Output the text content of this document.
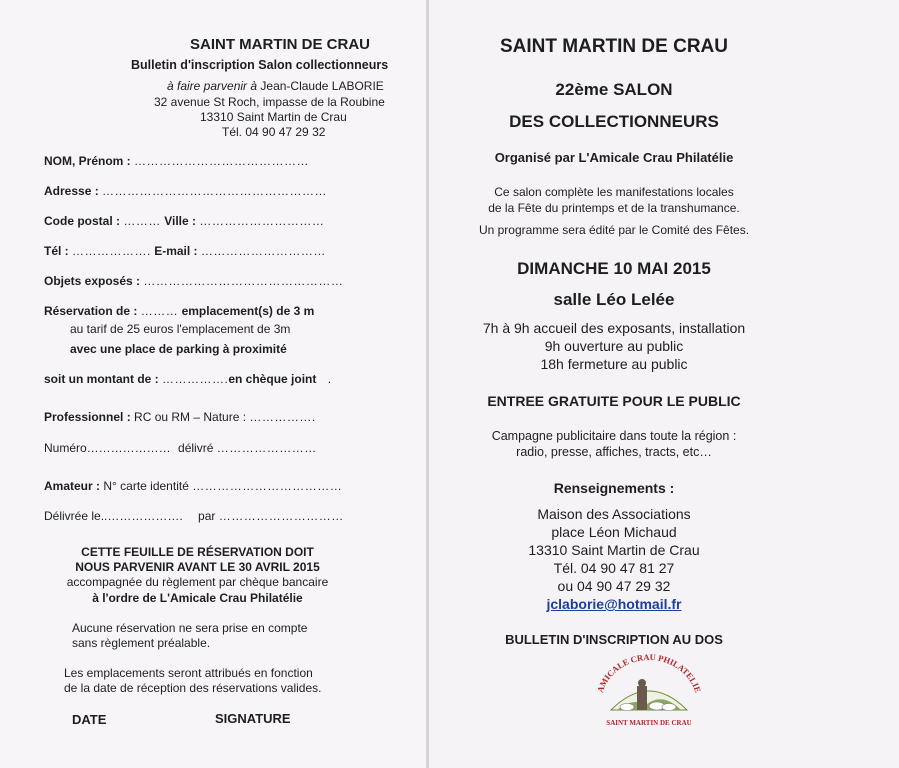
SAINT MARTIN DE CRAU
Bulletin d'inscription Salon collectionneurs
à faire parvenir à Jean-Claude LABORIE
32 avenue St Roch, impasse de la Roubine
13310 Saint Martin de Crau
Tél. 04 90 47 29 32
NOM, Prénom : ……………………………………
Adresse : ………………………………………………
Code postal : ……… Ville : …………………………
Tél : ………………. E-mail : …………………………
Objets exposés : …………………………………………
Réservation de : ……… emplacement(s) de 3 m
au tarif de 25 euros l'emplacement de 3m
avec une place de parking à proximité
soit un montant de : …………….en chèque joint .
Professionnel : RC ou RM – Nature : …………….
Numéro………………… délivré ……………………
Amateur : N° carte identité ………………………………
Délivrée le..………………. par …………………………
CETTE FEUILLE DE RÉSERVATION DOIT
NOUS PARVENIR AVANT LE 30 AVRIL 2015
accompagnée du règlement par chèque bancaire
à l'ordre de L'Amicale Crau Philatélie
Aucune réservation ne sera prise en compte
sans règlement préalable.
Les emplacements seront attribués en fonction
de la date de réception des réservations valides.
DATE	SIGNATURE
SAINT MARTIN DE CRAU
22ème SALON
DES COLLECTIONNEURS
Organisé par L'Amicale Crau Philatélie
Ce salon complète les manifestations locales
de la Fête du printemps et de la transhumance.
Un programme sera édité par le Comité des Fêtes.
DIMANCHE 10 MAI 2015
salle Léo Lelée
7h à 9h accueil des exposants, installation
9h ouverture au public
18h fermeture au public
ENTREE GRATUITE POUR LE PUBLIC
Campagne publicitaire dans toute la région :
radio, presse, affiches, tracts, etc…
Renseignements :
Maison des Associations
place Léon Michaud
13310 Saint Martin de Crau
Tél. 04 90 47 81 27
ou 04 90 47 29 32
jclaborie@hotmail.fr
BULLETIN D'INSCRIPTION AU DOS
AMICALE CRAU PHILATELIE
SAINT MARTIN DE CRAU
